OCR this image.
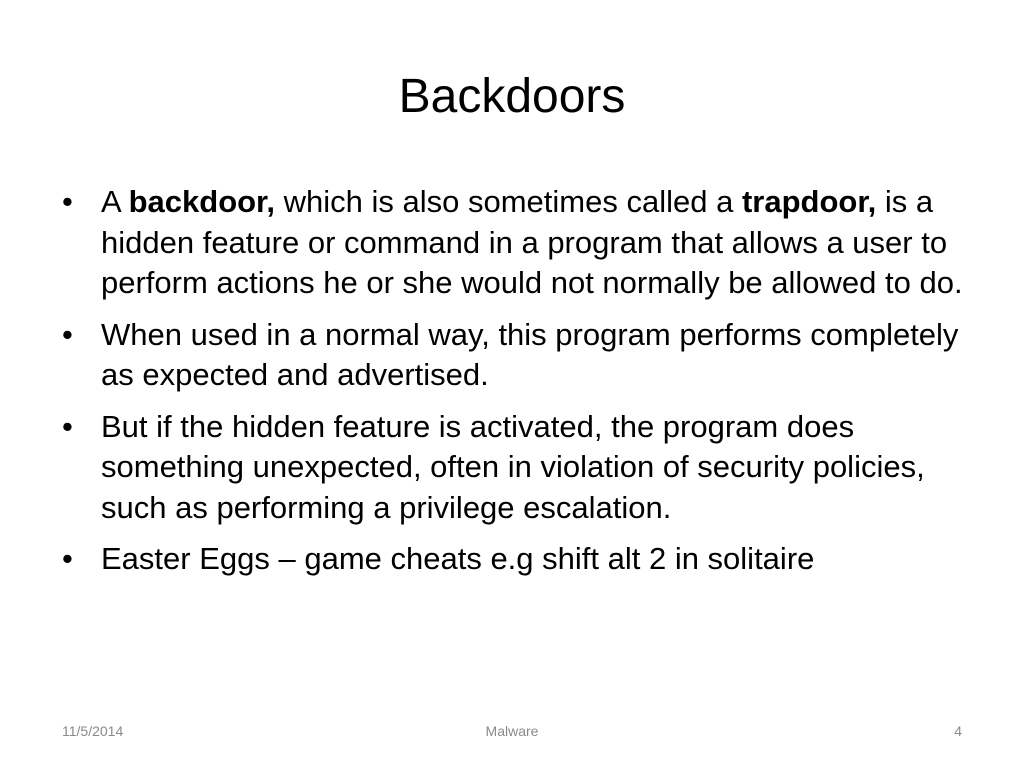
Backdoors
• A backdoor, which is also sometimes called a trapdoor, is a hidden feature or command in a program that allows a user to perform actions he or she would not normally be allowed to do.
• When used in a normal way, this program performs completely as expected and advertised.
• But if the hidden feature is activated, the program does something unexpected, often in violation of security policies, such as performing a privilege escalation.
• Easter Eggs – game cheats e.g shift alt 2 in solitaire
11/5/2014	Malware	4
